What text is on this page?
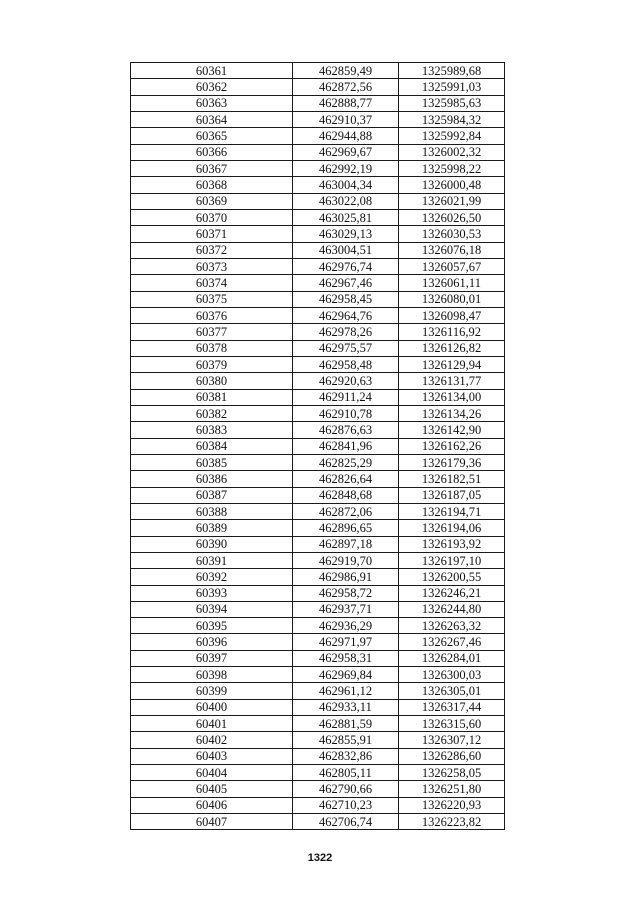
60361	462859,49	1325989,68
60362	462872,56	1325991,03
60363	462888,77	1325985,63
60364	462910,37	1325984,32
60365	462944,88	1325992,84
60366	462969,67	1326002,32
60367	462992,19	1325998,22
60368	463004,34	1326000,48
60369	463022,08	1326021,99
60370	463025,81	1326026,50
60371	463029,13	1326030,53
60372	463004,51	1326076,18
60373	462976,74	1326057,67
60374	462967,46	1326061,11
60375	462958,45	1326080,01
60376	462964,76	1326098,47
60377	462978,26	1326116,92
60378	462975,57	1326126,82
60379	462958,48	1326129,94
60380	462920,63	1326131,77
60381	462911,24	1326134,00
60382	462910,78	1326134,26
60383	462876,63	1326142,90
60384	462841,96	1326162,26
60385	462825,29	1326179,36
60386	462826,64	1326182,51
60387	462848,68	1326187,05
60388	462872,06	1326194,71
60389	462896,65	1326194,06
60390	462897,18	1326193,92
60391	462919,70	1326197,10
60392	462986,91	1326200,55
60393	462958,72	1326246,21
60394	462937,71	1326244,80
60395	462936,29	1326263,32
60396	462971,97	1326267,46
60397	462958,31	1326284,01
60398	462969,84	1326300,03
60399	462961,12	1326305,01
60400	462933,11	1326317,44
60401	462881,59	1326315,60
60402	462855,91	1326307,12
60403	462832,86	1326286,60
60404	462805,11	1326258,05
60405	462790,66	1326251,80
60406	462710,23	1326220,93
60407	462706,74	1326223,82
1322
